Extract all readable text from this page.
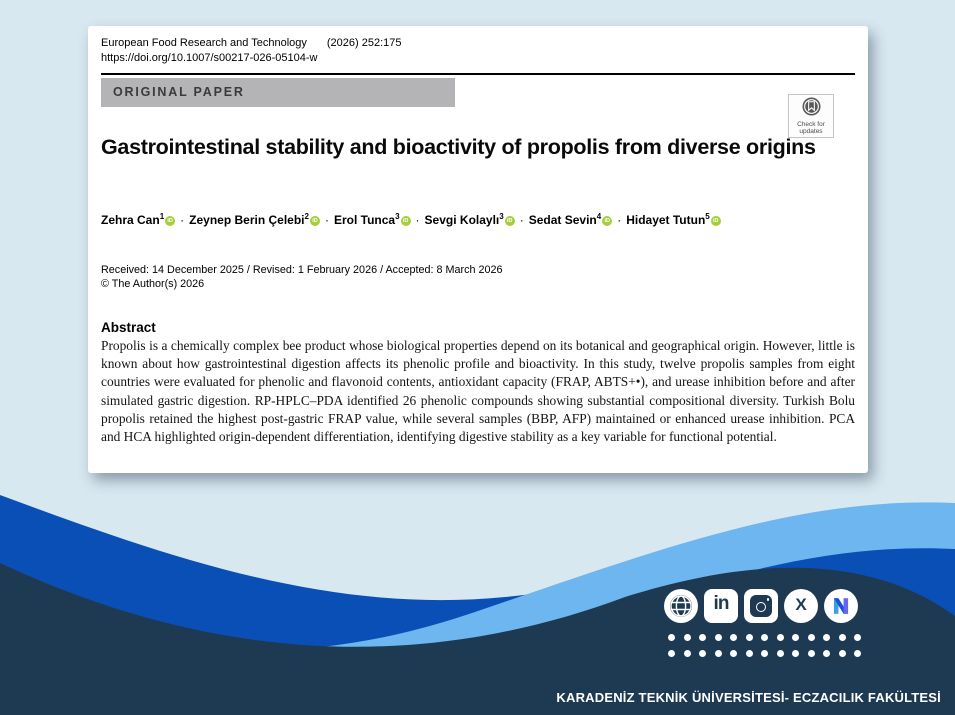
European Food Research and Technology (2026) 252:175
https://doi.org/10.1007/s00217-026-05104-w
ORIGINAL PAPER
Check for
updates
Gastrointestinal stability and bioactivity of propolis from diverse origins
Zehra Can$^1$ iD · Zeynep Berin Çelebi$^2$ iD · Erol Tunca$^3$ iD · Sevgi Kolaylı$^3$ iD · Sedat Sevin$^4$ iD · Hidayet Tutun$^5$ iD
Received: 14 December 2025 / Revised: 1 February 2026 / Accepted: 8 March 2026
© The Author(s) 2026
Abstract

Propolis is a chemically complex bee product whose biological properties depend on its botanical and geographical origin. However, little is known about how gastrointestinal digestion affects its phenolic profile and bioactivity. In this study, twelve propolis samples from eight countries were evaluated for phenolic and flavonoid contents, antioxidant capacity (FRAP, ABTS+•), and urease inhibition before and after simulated gastric digestion. RP-HPLC–PDA identified 26 phenolic compounds showing substantial compositional diversity. Turkish Bolu propolis retained the highest post-gastric FRAP value, while several samples (BBP, AFP) maintained or enhanced urease inhibition. PCA and HCA highlighted origin-dependent differentiation, identifying digestive stability as a key variable for functional potential.

in	X
KARADENİZ TEKNİK ÜNİVERSİTESİ- ECZACILIK FAKÜLTESİ
